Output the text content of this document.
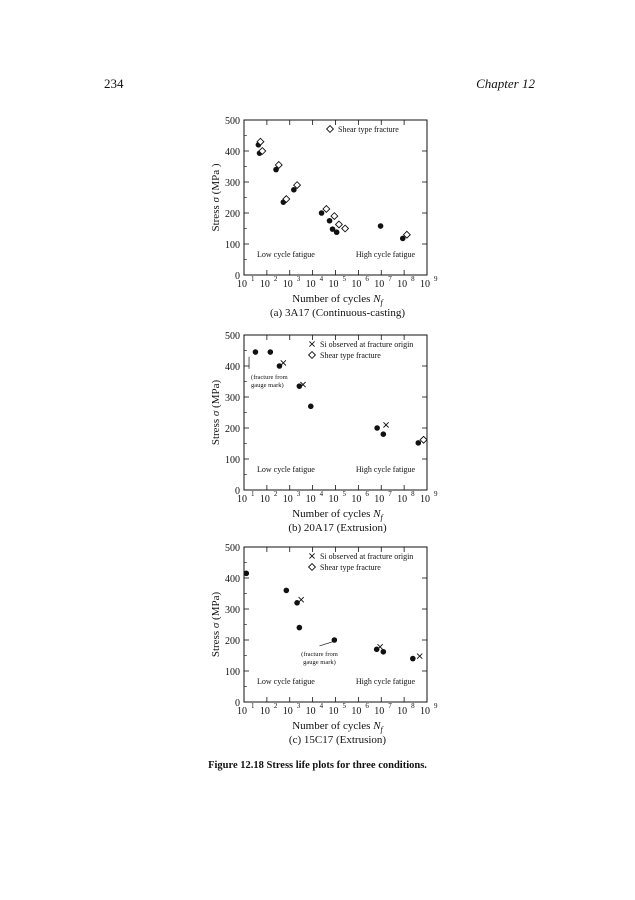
234	Chapter 12
0
100
200
300
400
500
10 1 10 2 10 3 10 4 10 5 10 6 10 7 10 8 10 9
Number of cycles $N_f$
(a) 3A17 (Continuous-casting)
Stress σ (MPa )
Shear type fracture
Low cycle fatigue	High cycle fatigue
0
100
200
300
400
500
10 1 10 2 10 3 10 4 10 5 10 6 10 7 10 8 10 9
Number of cycles $N_f$
(b) 20A17 (Extrusion)
Stress σ (MPa)
Si observed at fracture origin
Shear type fracture
Low cycle fatigue	High cycle fatigue
(fracture from
gauge mark)
0
100
200
300
400
500
10 1 10 2 10 3 10 4 10 5 10 6 10 7 10 8 10 9
Number of cycles $N_f$
(c) 15C17 (Extrusion)
Stress σ (MPa)
Si observed at fracture origin
Shear type fracture
Low cycle fatigue	High cycle fatigue
(fracture from
gauge mark)
Figure 12.18 Stress life plots for three conditions.
